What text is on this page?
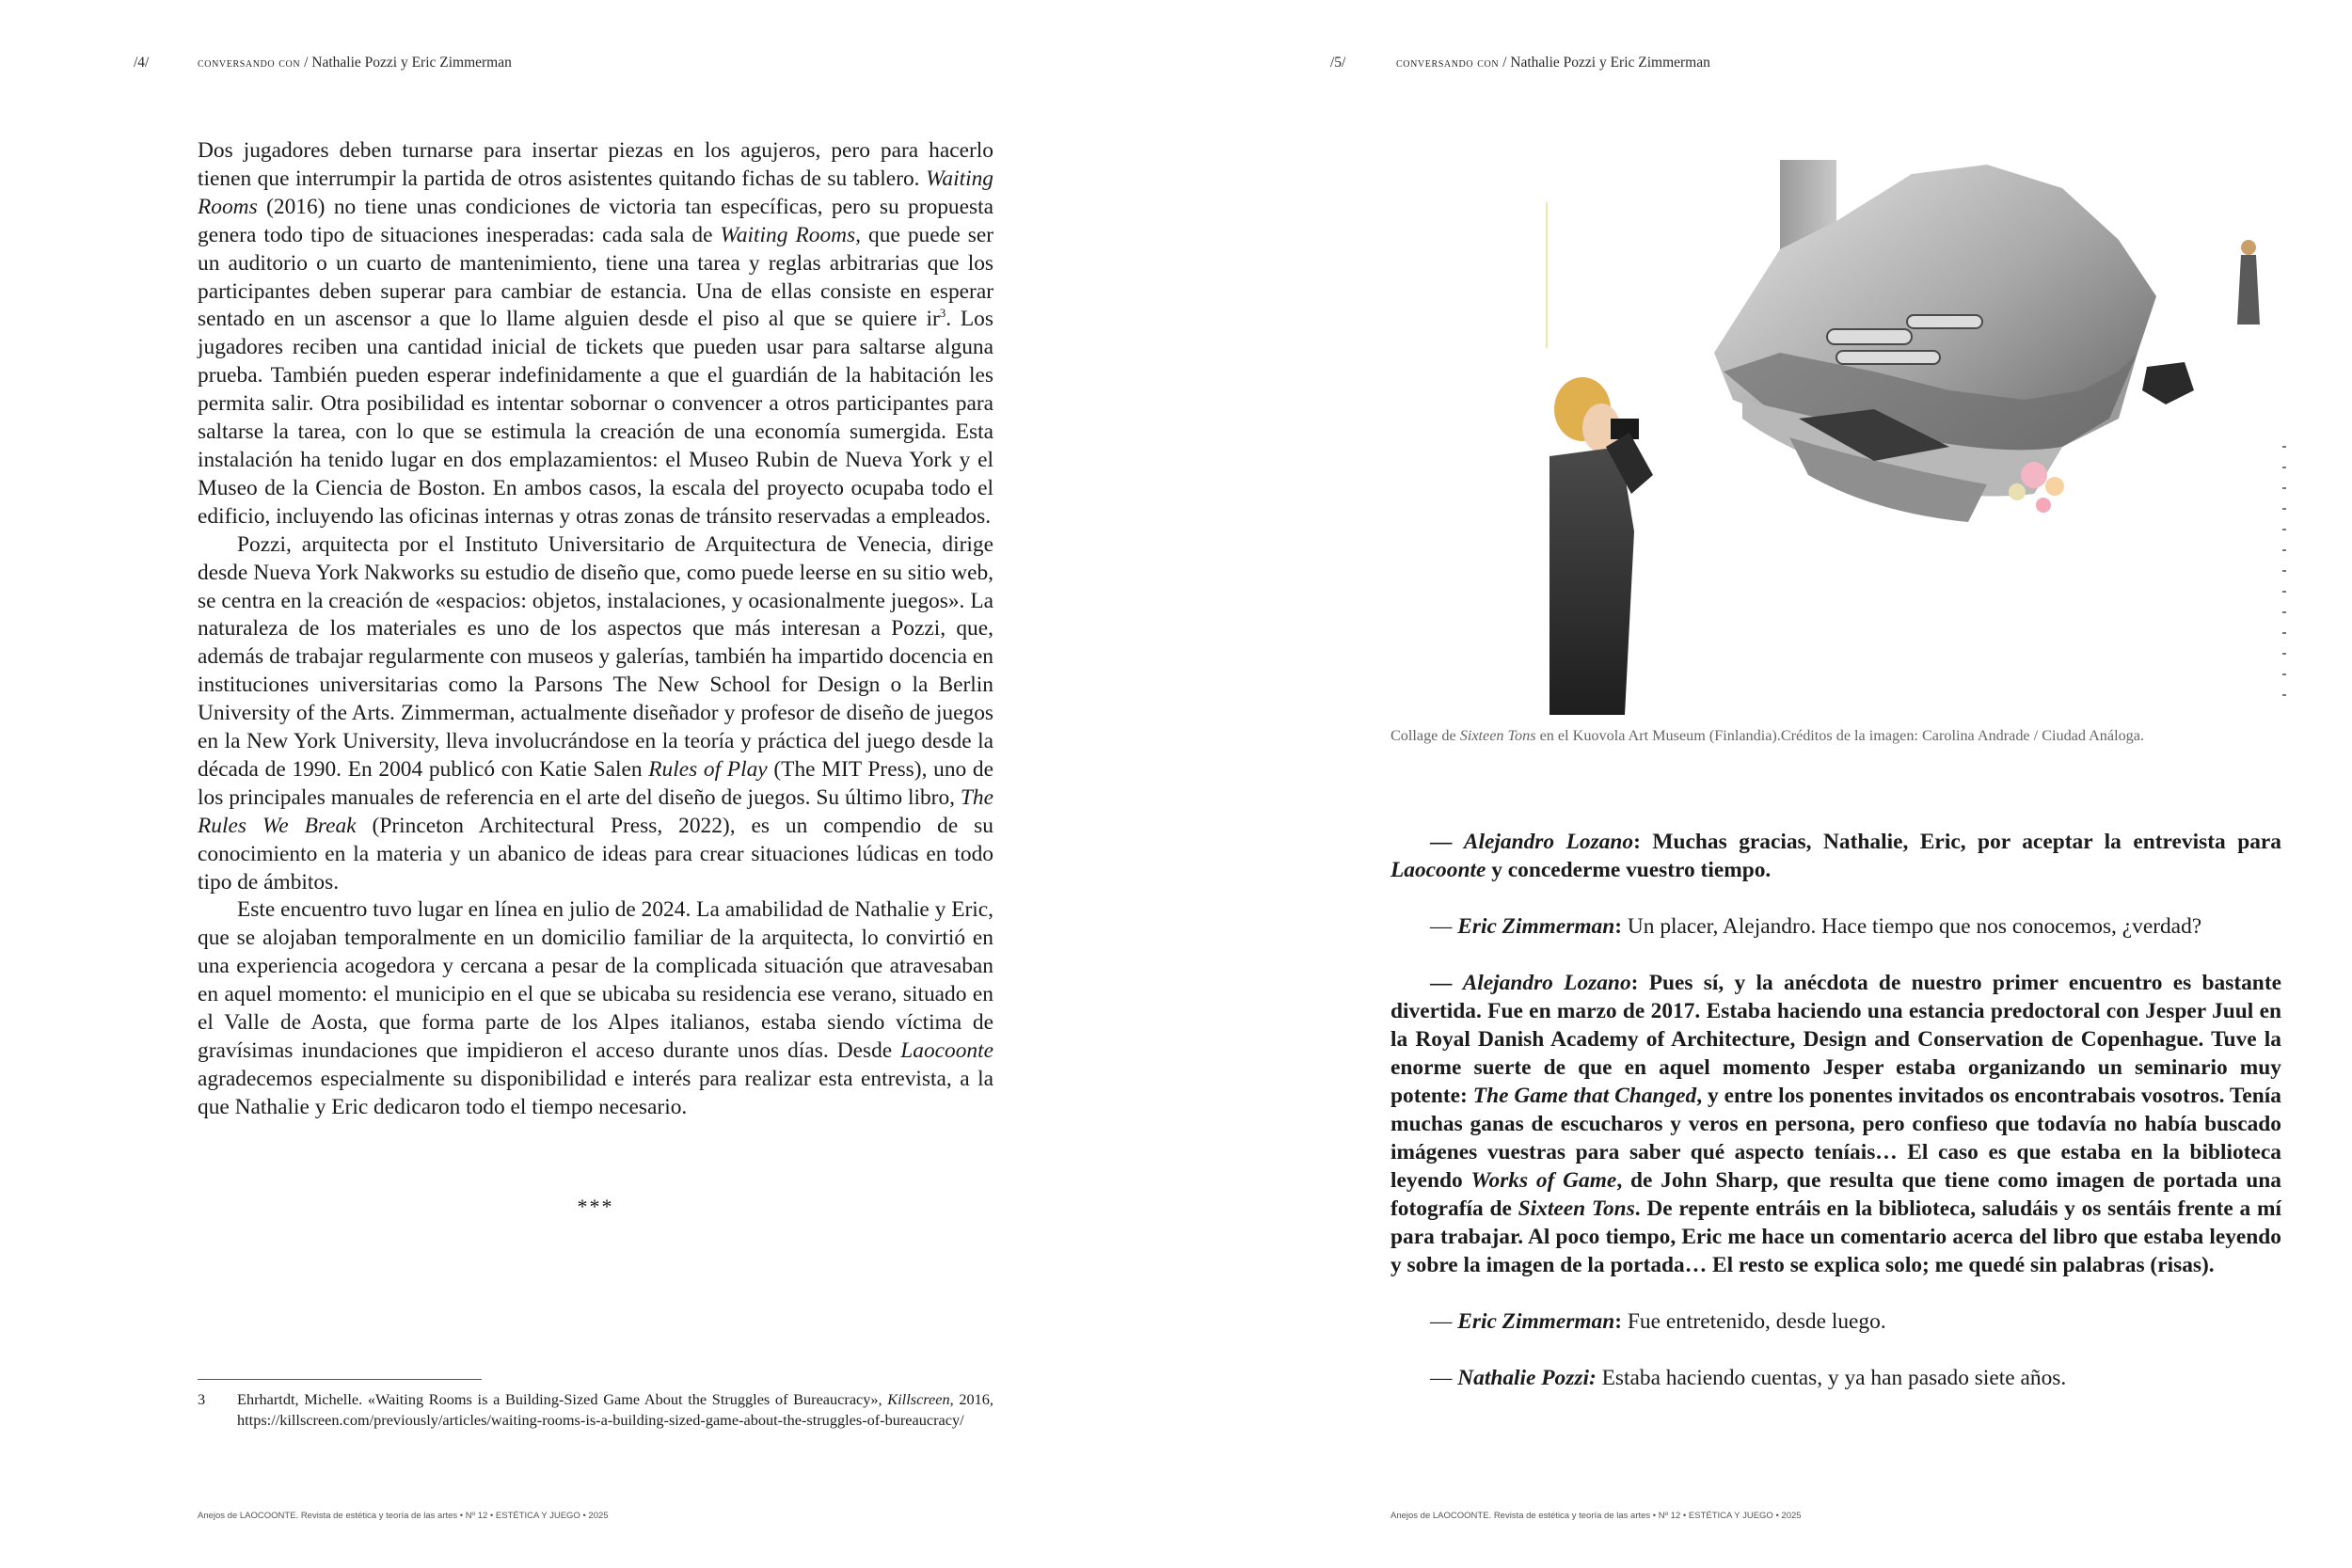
/4/	conversando con / Nathalie Pozzi y Eric Zimmerman

Dos jugadores deben turnarse para insertar piezas en los agujeros, pero para hacerlo tienen que interrumpir la partida de otros asistentes quitando fichas de su tablero. Waiting Rooms (2016) no tiene unas condiciones de victoria tan específicas, pero su propuesta genera todo tipo de situaciones inesperadas: cada sala de Waiting Rooms, que puede ser un auditorio o un cuarto de mantenimiento, tiene una tarea y reglas arbitrarias que los participantes deben superar para cambiar de estancia. Una de ellas consiste en esperar sentado en un ascensor a que lo llame alguien desde el piso al que se quiere $ir^3$. Los jugadores reciben una cantidad inicial de tickets que pueden usar para saltarse alguna prueba. También pueden esperar indefinidamente a que el guardián de la habitación les permita salir. Otra posibilidad es intentar sobornar o convencer a otros participantes para saltarse la tarea, con lo que se estimula la creación de una economía sumergida. Esta instalación ha tenido lugar en dos emplazamientos: el Museo Rubin de Nueva York y el Museo de la Ciencia de Boston. En ambos casos, la escala del proyecto ocupaba todo el edificio, incluyendo las oficinas internas y otras zonas de tránsito reservadas a empleados.

Pozzi, arquitecta por el Instituto Universitario de Arquitectura de Venecia, dirige desde Nueva York Nakworks su estudio de diseño que, como puede leerse en su sitio web, se centra en la creación de «espacios: objetos, instalaciones, y ocasionalmente juegos». La naturaleza de los materiales es uno de los aspectos que más interesan a Pozzi, que, además de trabajar regularmente con museos y galerías, también ha impartido docencia en instituciones universitarias como la Parsons The New School for Design o la Berlin University of the Arts. Zimmerman, actualmente diseñador y profesor de diseño de juegos en la New York University, lleva involucrándose en la teoría y práctica del juego desde la década de 1990. En 2004 publicó con Katie Salen Rules of Play (The MIT Press), uno de los principales manuales de referencia en el arte del diseño de juegos. Su último libro, The Rules We Break (Princeton Architectural Press, 2022), es un compendio de su conocimiento en la materia y un abanico de ideas para crear situaciones lúdicas en todo tipo de ámbitos.

Este encuentro tuvo lugar en línea en julio de 2024. La amabilidad de Nathalie y Eric, que se alojaban temporalmente en un domicilio familiar de la arquitecta, lo convirtió en una experiencia acogedora y cercana a pesar de la complicada situación que atravesaban en aquel momento: el municipio en el que se ubicaba su residencia ese verano, situado en el Valle de Aosta, que forma parte de los Alpes italianos, estaba siendo víctima de gravísimas inundaciones que impidieron el acceso durante unos días. Desde Laocoonte agradecemos especialmente su disponibilidad e interés para realizar esta entrevista, a la que Nathalie y Eric dedicaron todo el tiempo necesario.

***
3 Ehrhartdt, Michelle. «Waiting Rooms is a Building-Sized Game About the Struggles of Bureaucracy», Killscreen, 2016, https://killscreen.com/previously/articles/waiting-rooms-is-a-building-sized-game-about-the-struggles-of-bureaucracy/
Anejos de LAOCOONTE. Revista de estética y teoría de las artes • Nº 12 • ESTÉTICA Y JUEGO • 2025
/5/	conversando con / Nathalie Pozzi y Eric Zimmerman
Collage de Sixteen Tons en el Kuovola Art Museum (Finlandia).Créditos de la imagen: Carolina Andrade / Ciudad Análoga.

— Alejandro Lozano: Muchas gracias, Nathalie, Eric, por aceptar la entrevista para Laocoonte y concederme vuestro tiempo.

— Eric Zimmerman: Un placer, Alejandro. Hace tiempo que nos conocemos, ¿verdad?

— Alejandro Lozano: Pues sí, y la anécdota de nuestro primer encuentro es bastante divertida. Fue en marzo de 2017. Estaba haciendo una estancia predoctoral con Jesper Juul en la Royal Danish Academy of Architecture, Design and Conservation de Copenhague. Tuve la enorme suerte de que en aquel momento Jesper estaba organizando un seminario muy potente: The Game that Changed, y entre los ponentes invitados os encontrabais vosotros. Tenía muchas ganas de escucharos y veros en persona, pero confieso que todavía no había buscado imágenes vuestras para saber qué aspecto teníais… El caso es que estaba en la biblioteca leyendo Works of Game, de John Sharp, que resulta que tiene como imagen de portada una fotografía de Sixteen Tons. De repente entráis en la biblioteca, saludáis y os sentáis frente a mí para trabajar. Al poco tiempo, Eric me hace un comentario acerca del libro que estaba leyendo y sobre la imagen de la portada… El resto se explica solo; me quedé sin palabras (risas).

— Eric Zimmerman: Fue entretenido, desde luego.

— Nathalie Pozzi: Estaba haciendo cuentas, y ya han pasado siete años.

Anejos de LAOCOONTE. Revista de estética y teoría de las artes • Nº 12 • ESTÉTICA Y JUEGO • 2025
